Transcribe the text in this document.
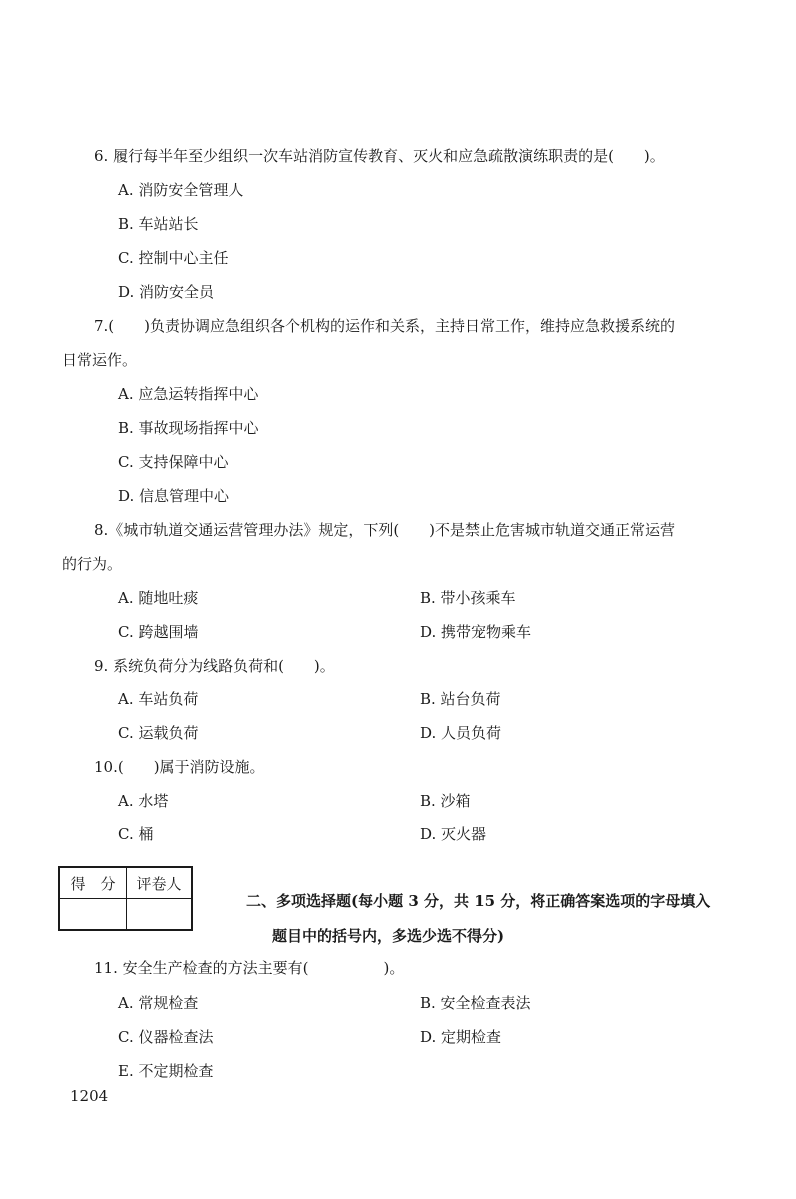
6. 履行每半年至少组织一次车站消防宣传教育、灭火和应急疏散演练职责的是(　　)。
A. 消防安全管理人
B. 车站站长
C. 控制中心主任
D. 消防安全员
7.(　　)负责协调应急组织各个机构的运作和关系，主持日常工作，维持应急救援系统的
日常运作。
A. 应急运转指挥中心
B. 事故现场指挥中心
C. 支持保障中心
D. 信息管理中心
8.《城市轨道交通运营管理办法》规定，下列(　　)不是禁止危害城市轨道交通正常运营
的行为。
A. 随地吐痰	B. 带小孩乘车
C. 跨越围墙	D. 携带宠物乘车
9. 系统负荷分为线路负荷和(　　)。
A. 车站负荷	B. 站台负荷
C. 运载负荷	D. 人员负荷
10.(　　)属于消防设施。
A. 水塔	B. 沙箱
C. 桶	D. 灭火器
得　分	评卷人

二、多项选择题(每小题 3 分，共 15 分，将正确答案选项的字母填入
题目中的括号内，多选少选不得分)
11. 安全生产检查的方法主要有(　　　　　)。
A. 常规检查	B. 安全检查表法
C. 仪器检查法	D. 定期检查
E. 不定期检查
1204
